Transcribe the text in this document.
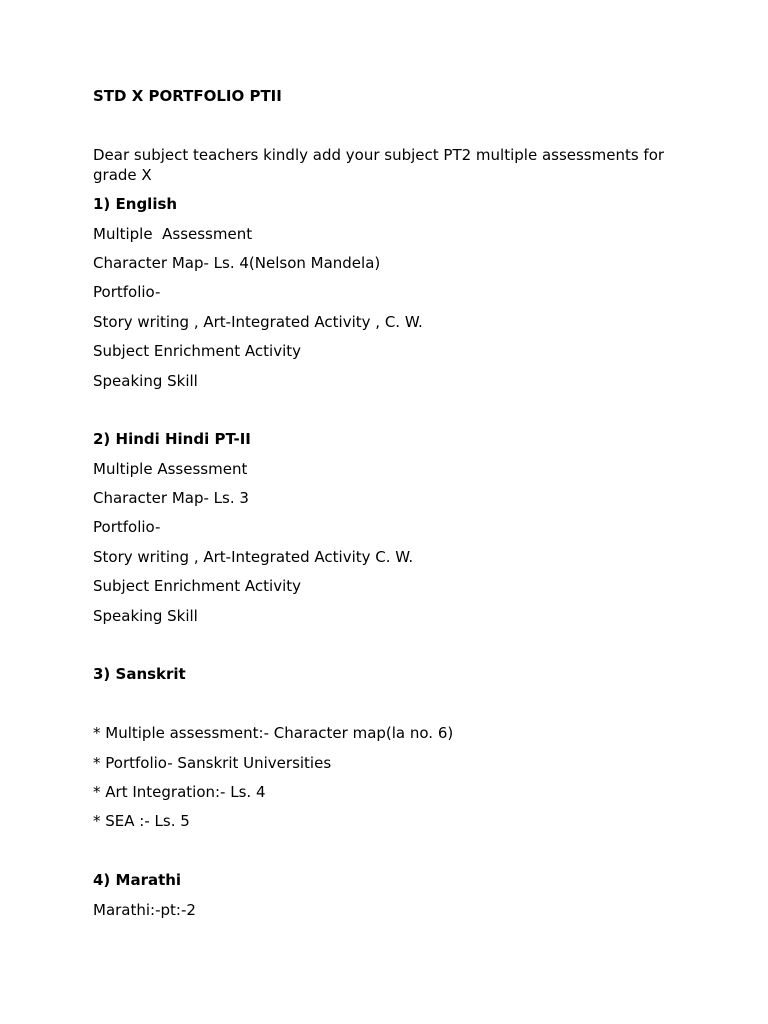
STD X PORTFOLIO PTII
Dear subject teachers kindly add your subject PT2 multiple assessments for grade X
1) English
Multiple  Assessment
Character Map- Ls. 4(Nelson Mandela)
Portfolio-
Story writing , Art-Integrated Activity , C. W.
Subject Enrichment Activity
Speaking Skill
2) Hindi Hindi PT-II
Multiple Assessment
Character Map- Ls. 3
Portfolio-
Story writing , Art-Integrated Activity C. W.
Subject Enrichment Activity
Speaking Skill
3) Sanskrit
* Multiple assessment:- Character map(la no. 6)
* Portfolio- Sanskrit Universities
* Art Integration:- Ls. 4
* SEA :- Ls. 5
4) Marathi
Marathi:-pt:-2
